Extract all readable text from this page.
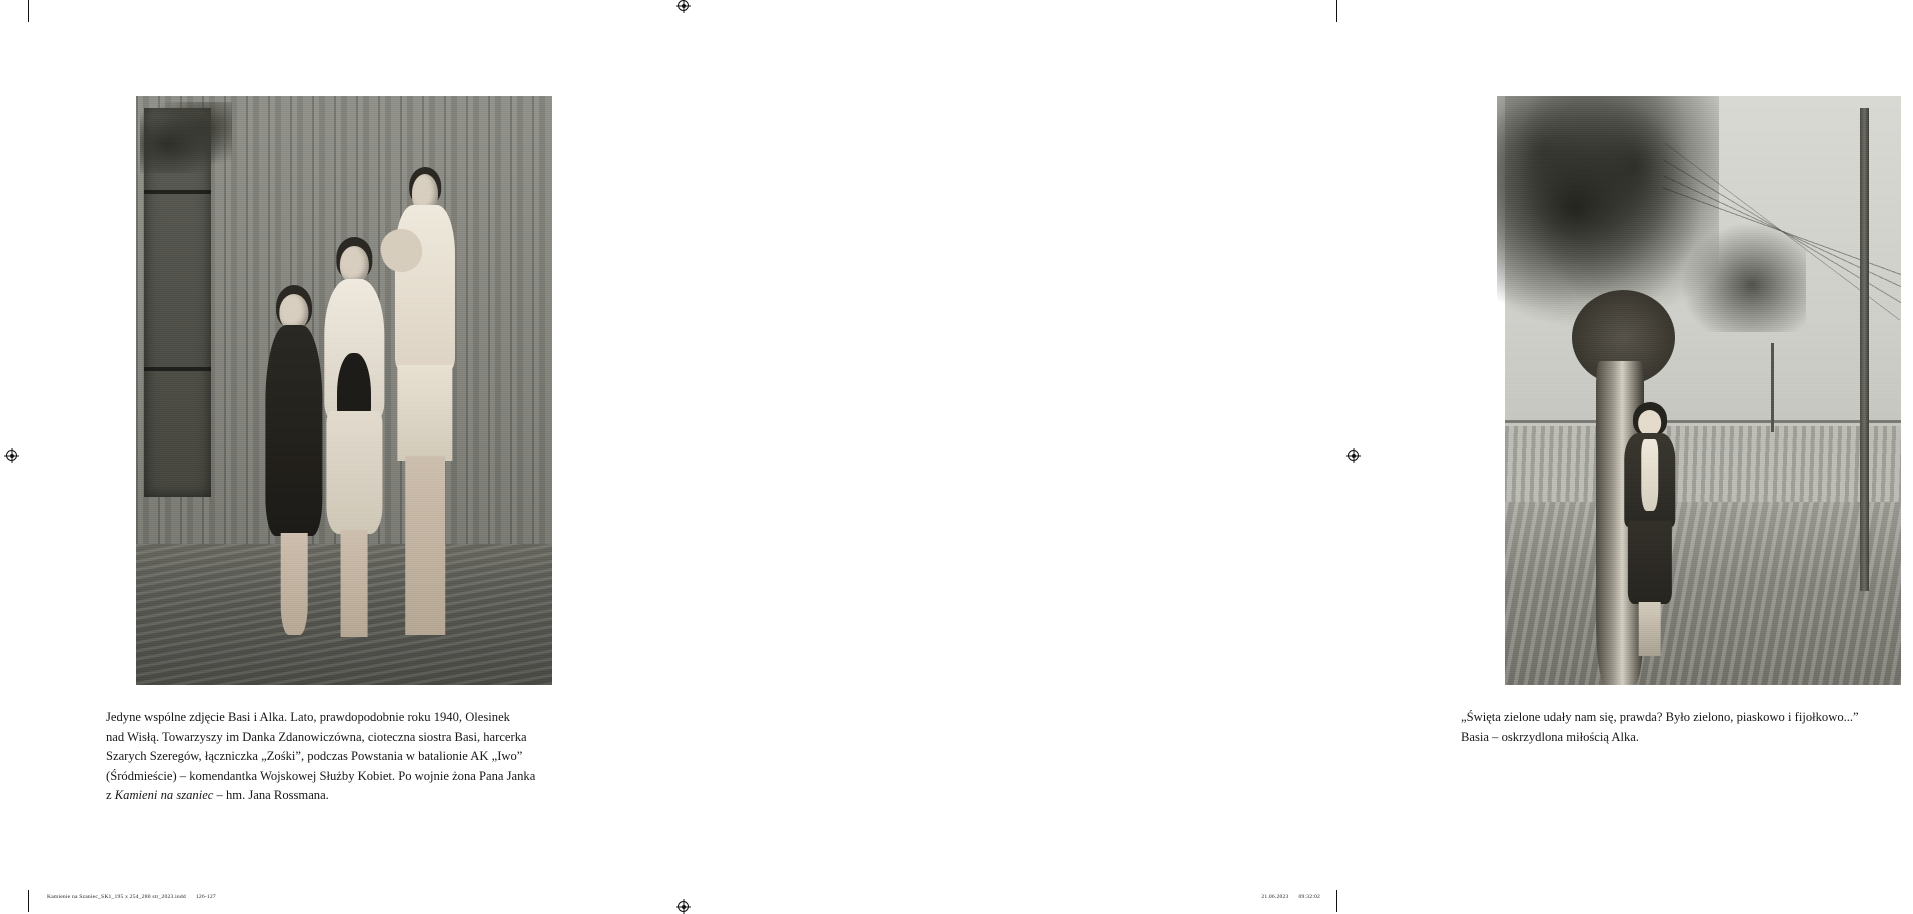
Jedyne wspólne zdjęcie Basi i Alka. Lato, prawdopodobnie roku 1940, Olesinek

nad Wisłą. Towarzyszy im Danka Zdanowiczówna, cioteczna siostra Basi, harcerka

Szarych Szeregów, łączniczka „Zośki”, podczas Powstania w batalionie AK „Iwo”

(Śródmieście) – komendantka Wojskowej Służby Kobiet. Po wojnie żona Pana Janka

z Kamieni na szaniec – hm. Jana Rossmana.

„Święta zielone udały nam się, prawda? Było zielono, piaskowo i fijołkowo...”

Basia – oskrzydlona miłością Alka.

Kamienie na Szaniec_SK1_195 x 254_280 str_2023.indd 126-127	21.06.2023 09:32:02
